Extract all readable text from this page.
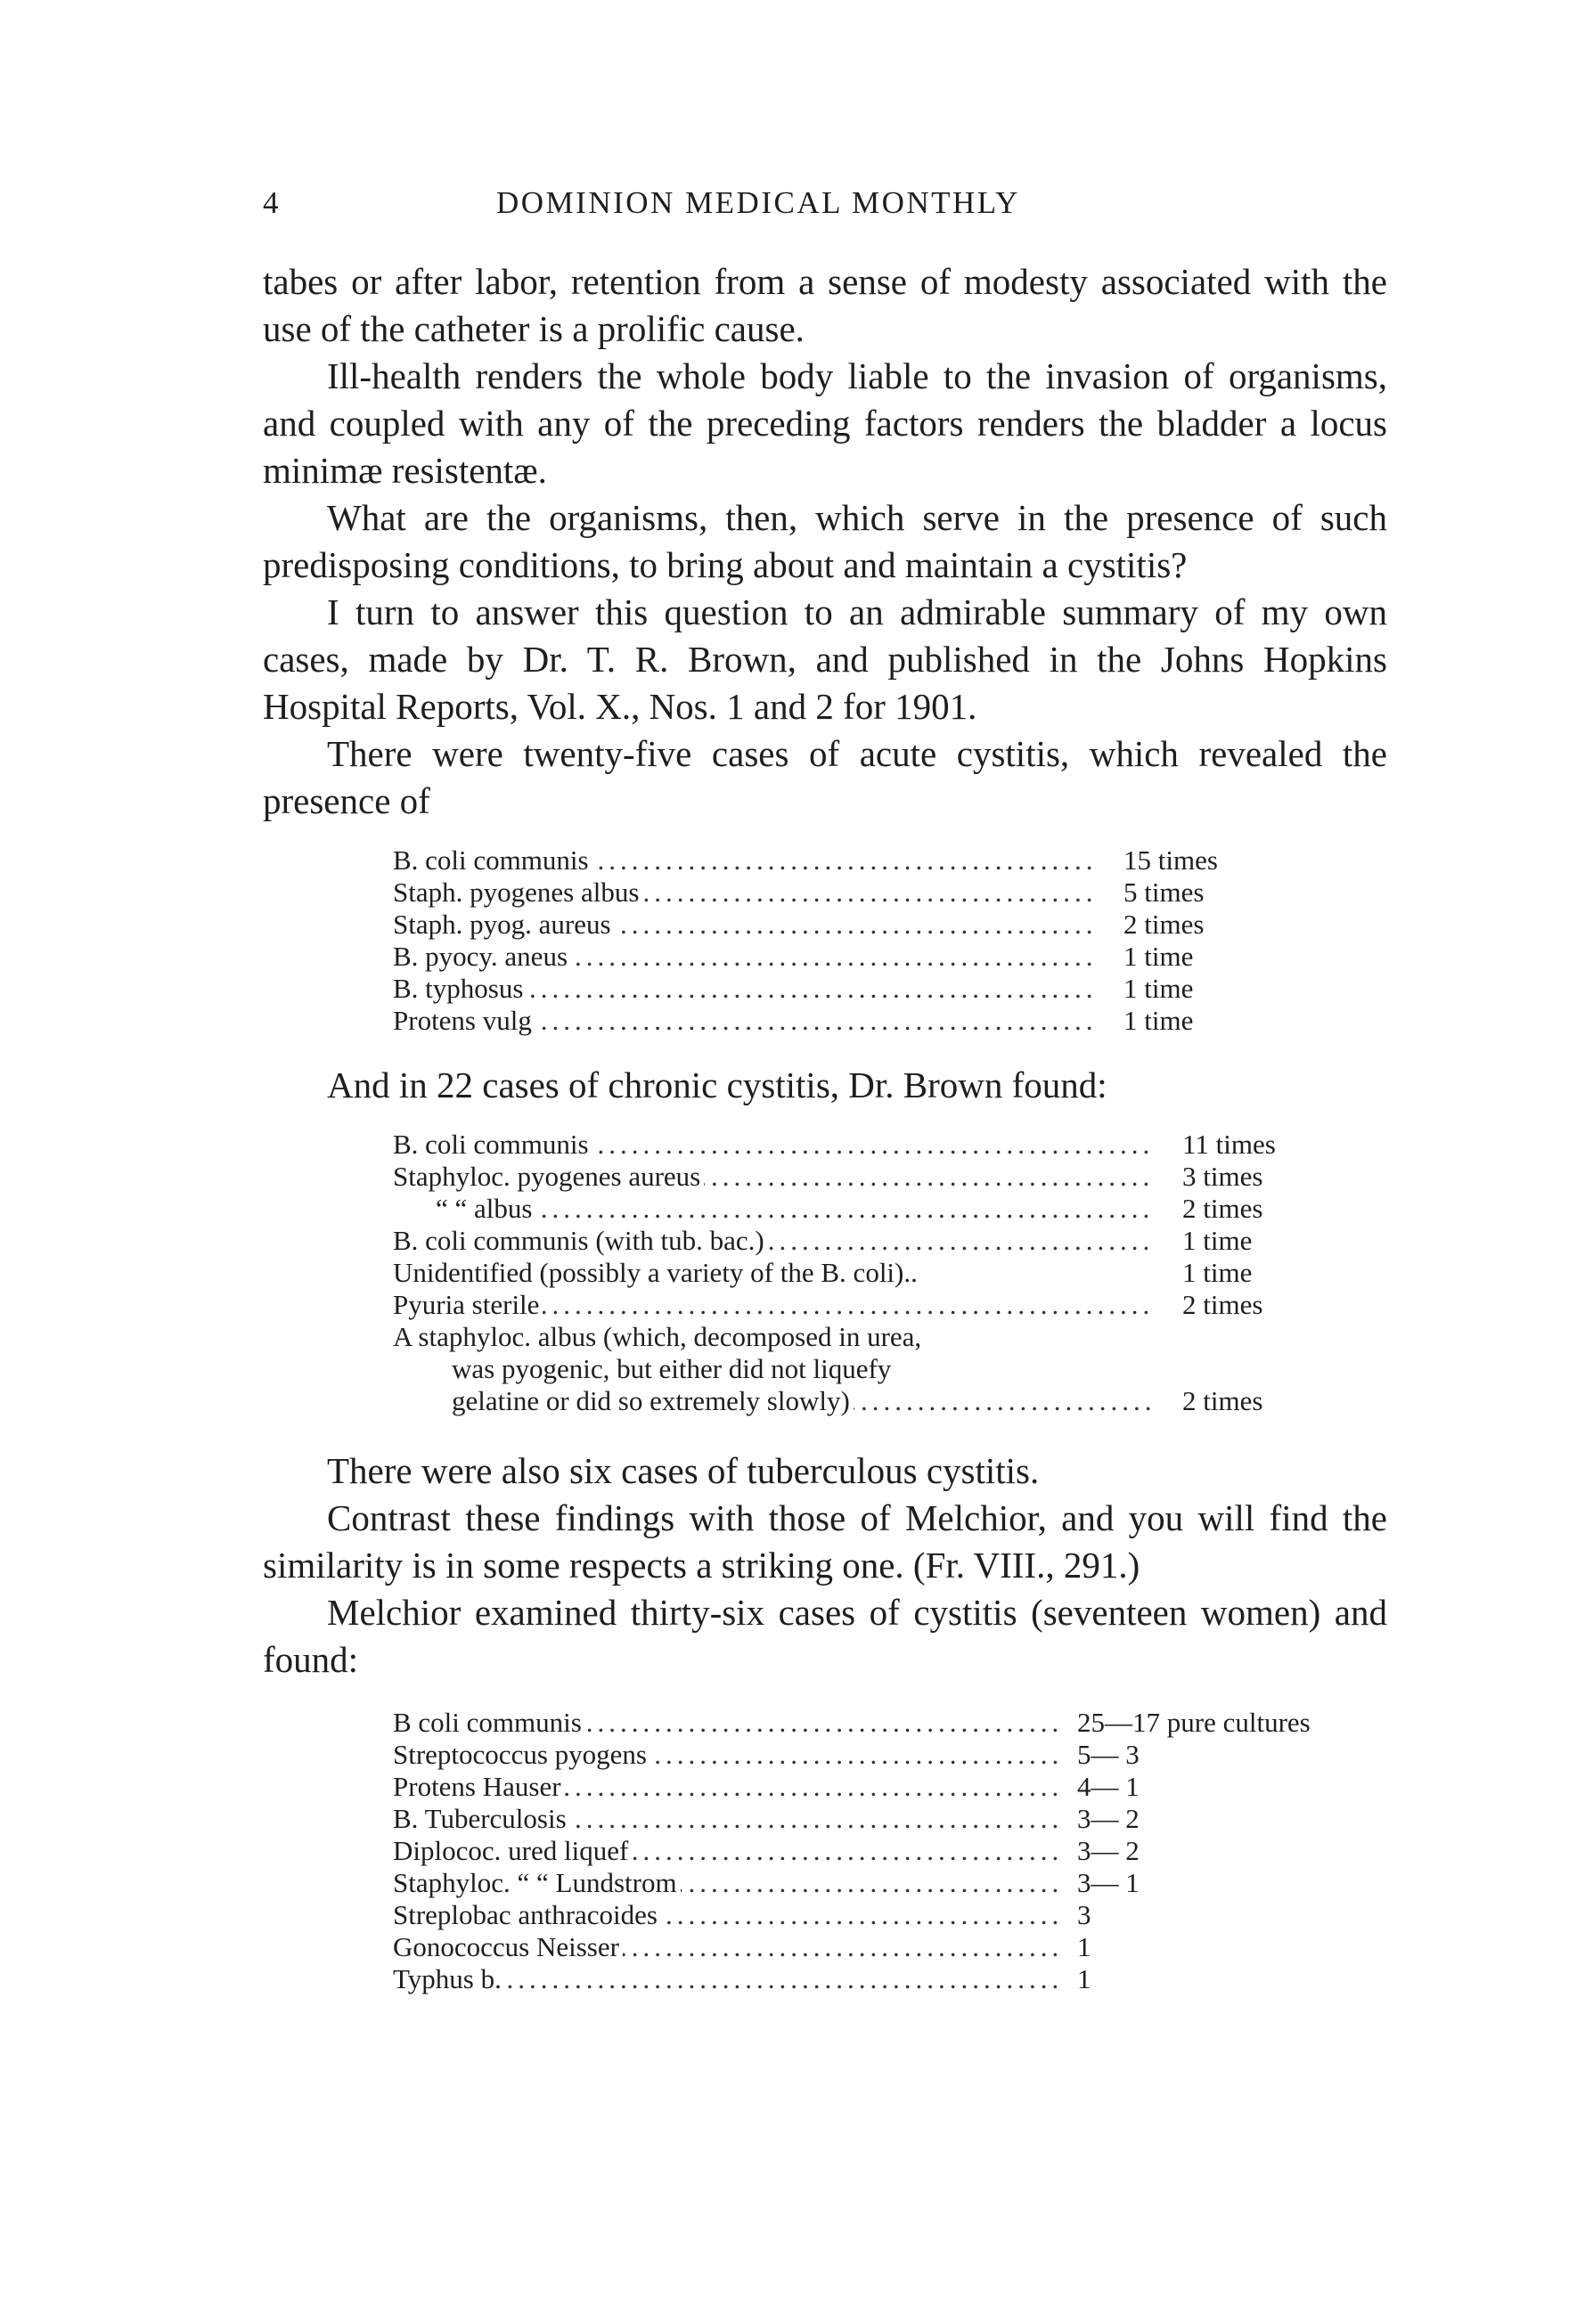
4	DOMINION MEDICAL MONTHLY

tabes or after labor, retention from a sense of modesty associated with the use of the catheter is a prolific cause.

Ill-health renders the whole body liable to the invasion of organisms, and coupled with any of the preceding factors renders the bladder a locus minimæ resistentæ.

What are the organisms, then, which serve in the presence of such predisposing conditions, to bring about and maintain a cystitis?

I turn to answer this question to an admirable summary of my own cases, made by Dr. T. R. Brown, and published in the Johns Hopkins Hospital Reports, Vol. X., Nos. 1 and 2 for 1901.

There were twenty-five cases of acute cystitis, which revealed the presence of

.....
B. coli communis	15 times

.....
Staph. pyogenes albus	5 times

.....
Staph. pyog. aureus	2 times

.....
B. pyocy. aneus	1 time

.....
B. typhosus	1 time

.....
Protens vulg	1 time

And in 22 cases of chronic cystitis, Dr. Brown found:

.....
B. coli communis	11 times

.....
Staphyloc. pyogenes aureus	3 times

.....
“ “ albus	2 times

.....
B. coli communis (with tub. bac.)	1 time
Unidentified (possibly a variety of the B. coli)..	1 time

.....
Pyuria sterile	2 times
A staphyloc. albus (which, decomposed in urea,	
was pyogenic, but either did not liquefy	

.....
gelatine or did so extremely slowly)	2 times

There were also six cases of tuberculous cystitis.

Contrast these findings with those of Melchior, and you will find the similarity is in some respects a striking one. (Fr. VIII., 291.)

Melchior examined thirty-six cases of cystitis (seventeen women) and found:

.....
B coli communis	25—17 pure cultures

.....
Streptococcus pyogens	5— 3

.....
Protens Hauser	4— 1

.....
B. Tuberculosis	3— 2

.....
Diplococ. ured liquef	3— 2

.....
Staphyloc. “ “ Lundstrom	3— 1

.....
Streplobac anthracoides	3

.....
Gonococcus Neisser	1

.....
Typhus b.	1
